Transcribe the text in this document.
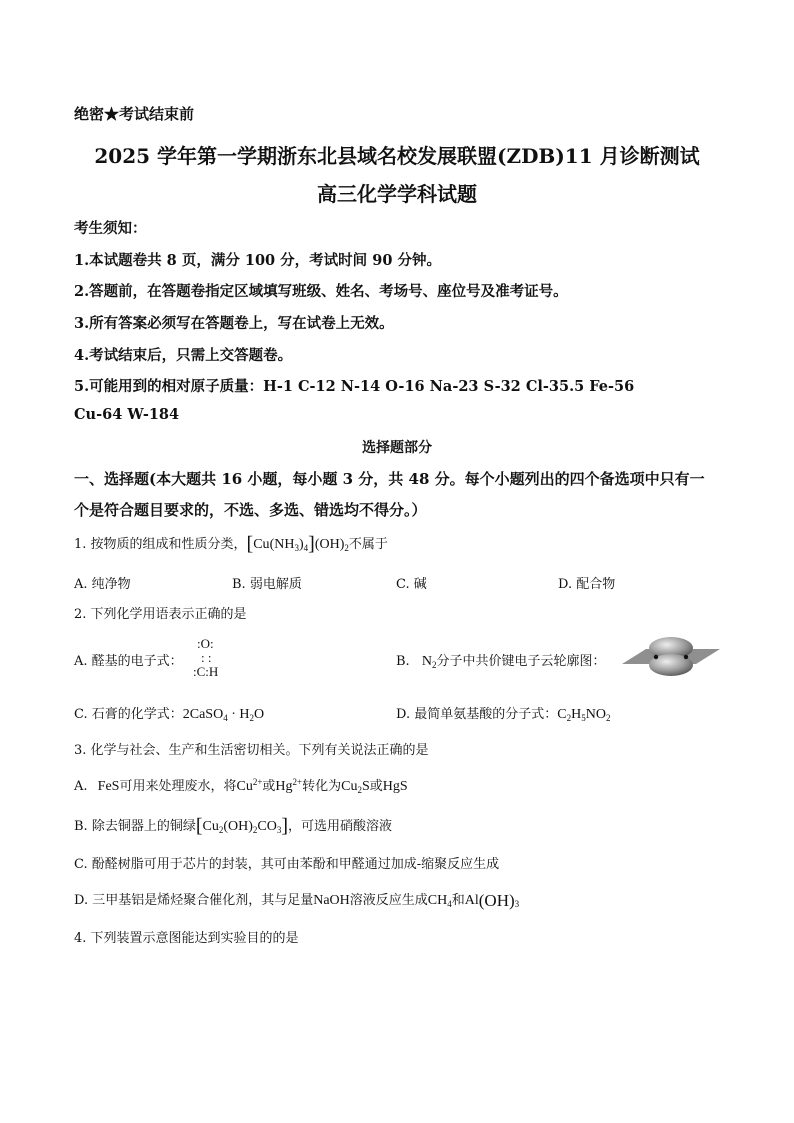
绝密★考试结束前
2025 学年第一学期浙东北县域名校发展联盟(ZDB)11 月诊断测试
高三化学学科试题
考生须知：
1.本试题卷共 8 页，满分 100 分，考试时间 90 分钟。
2.答题前，在答题卷指定区域填写班级、姓名、考场号、座位号及准考证号。
3.所有答案必须写在答题卷上，写在试卷上无效。
4.考试结束后，只需上交答题卷。
5.可能用到的相对原子质量：H-1 C-12 N-14 O-16 Na-23 S-32 Cl-35.5 Fe-56
Cu-64 W-184
选择题部分
一、选择题(本大题共 16 小题，每小题 3 分，共 48 分。每个小题列出的四个备选项中只有一
个是符合题目要求的，不选、多选、错选均不得分。）
1. 按物质的组成和性质分类，$[Cu(NH_3)_4](OH)_2$不属于
A. 纯净物	B. 弱电解质	C. 碱	D. 配合物
2. 下列化学用语表示正确的是
A. 醛基的电子式：
:O:
: :
:C:H
B. $N_2$分子中共价键电子云轮廓图：
C. 石膏的化学式：2CaSO$_4$ · $H_2O$	D. 最简单氨基酸的分子式：$C_2H_5NO_2$
3. 化学与社会、生产和生活密切相关。下列有关说法正确的是
A. FeS可用来处理废水，将$Cu^{2+}$或$Hg^{2+}$转化为$Cu_2S$或HgS
B. 除去铜器上的铜绿$[Cu_2(OH)_2CO_3]$，可选用硝酸溶液
C. 酚醛树脂可用于芯片的封装，其可由苯酚和甲醛通过加成-缩聚反应生成
D. 三甲基铝是烯烃聚合催化剂，其与足量NaOH溶液反应生成$CH_4$和$Al(OH)_3$
4. 下列装置示意图能达到实验目的的是
